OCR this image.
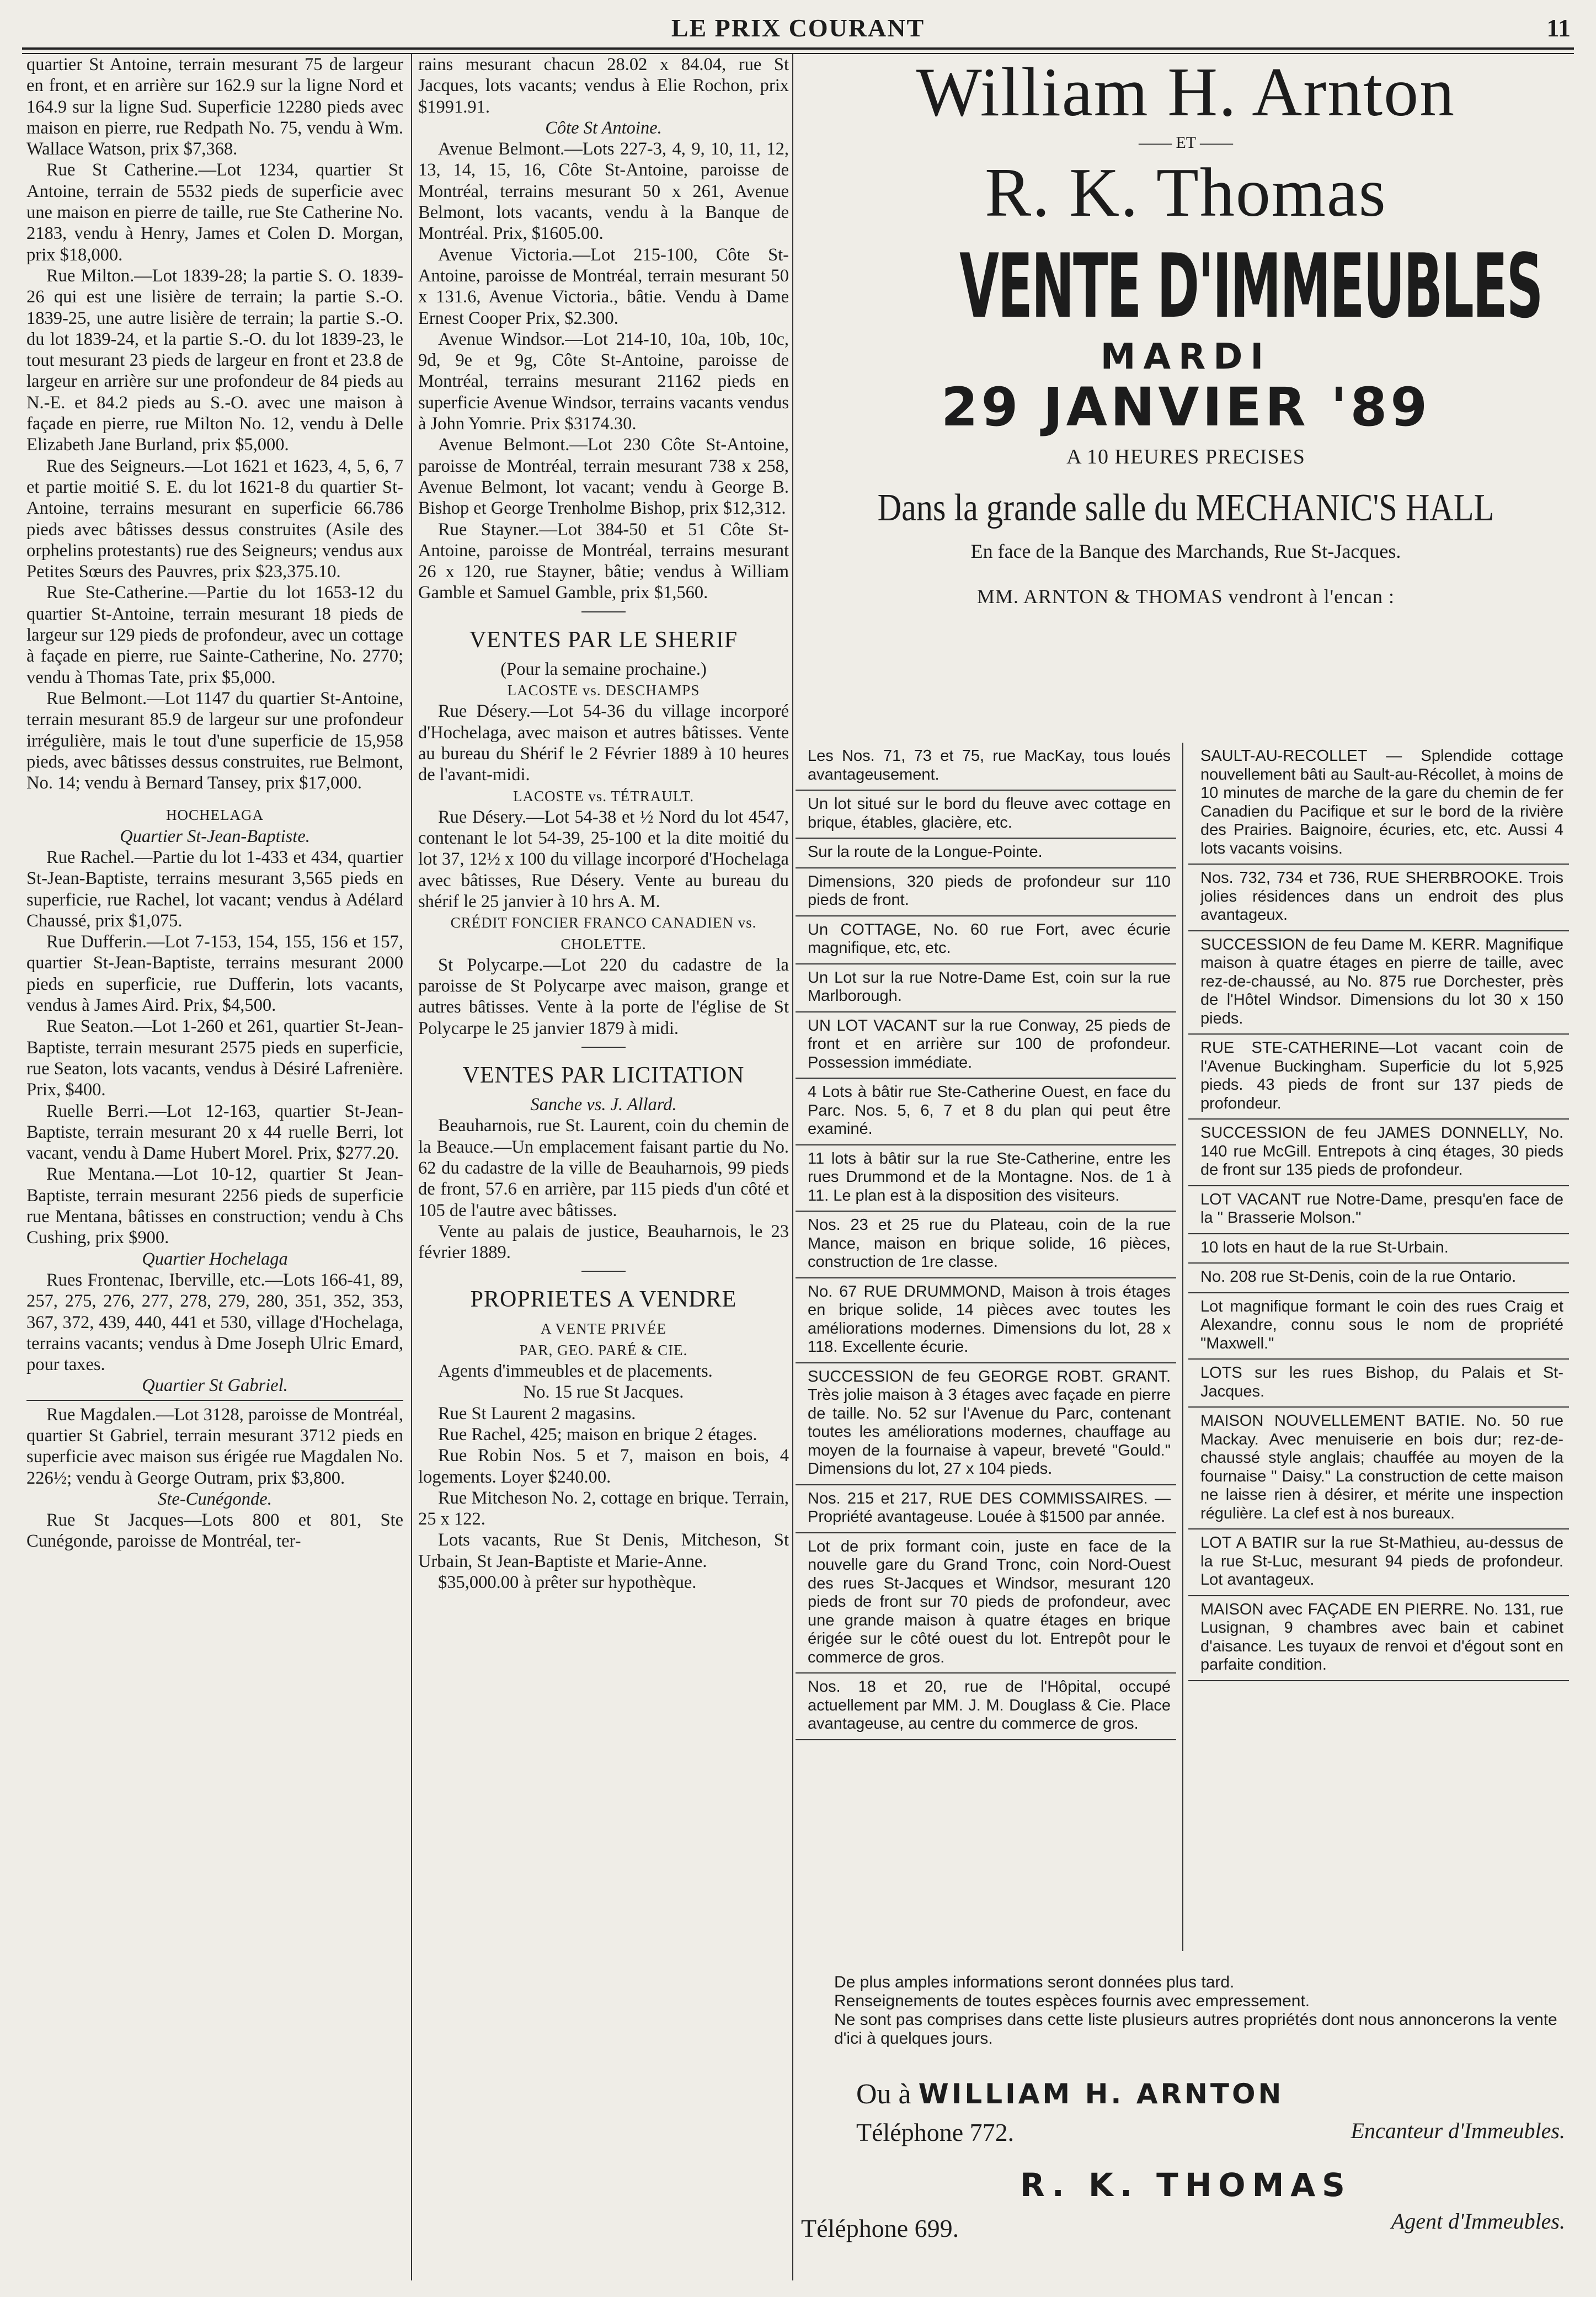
LE PRIX COURANT	11

quartier St Antoine, terrain mesurant 75 de largeur en front, et en arrière sur 162.9 sur la ligne Nord et 164.9 sur la ligne Sud. Superficie 12280 pieds avec maison en pierre, rue Redpath No. 75, vendu à Wm. Wallace Watson, prix $7,368.

Rue St Catherine.—Lot 1234, quartier St Antoine, terrain de 5532 pieds de superficie avec une maison en pierre de taille, rue Ste Catherine No. 2183, vendu à Henry, James et Colen D. Morgan, prix $18,000.

Rue Milton.—Lot 1839-28; la partie S. O. 1839-26 qui est une lisière de terrain; la partie S.-O. 1839-25, une autre lisière de terrain; la partie S.-O. du lot 1839-24, et la partie S.-O. du lot 1839-23, le tout mesurant 23 pieds de largeur en front et 23.8 de largeur en arrière sur une profondeur de 84 pieds au N.-E. et 84.2 pieds au S.-O. avec une maison à façade en pierre, rue Milton No. 12, vendu à Delle Elizabeth Jane Burland, prix $5,000.

Rue des Seigneurs.—Lot 1621 et 1623, 4, 5, 6, 7 et partie moitié S. E. du lot 1621-8 du quartier St-Antoine, terrains mesurant en superficie 66.786 pieds avec bâtisses dessus construites (Asile des orphelins protestants) rue des Seigneurs; vendus aux Petites Sœurs des Pauvres, prix $23,375.10.

Rue Ste-Catherine.—Partie du lot 1653-12 du quartier St-Antoine, terrain mesurant 18 pieds de largeur sur 129 pieds de profondeur, avec un cottage à façade en pierre, rue Sainte-Catherine, No. 2770; vendu à Thomas Tate, prix $5,000.

Rue Belmont.—Lot 1147 du quartier St-Antoine, terrain mesurant 85.9 de largeur sur une profondeur irrégulière, mais le tout d'une superficie de 15,958 pieds, avec bâtisses dessus construites, rue Belmont, No. 14; vendu à Bernard Tansey, prix $17,000.

HOCHELAGA

Quartier St-Jean-Baptiste.

Rue Rachel.—Partie du lot 1-433 et 434, quartier St-Jean-Baptiste, terrains mesurant 3,565 pieds en superficie, rue Rachel, lot vacant; vendus à Adélard Chaussé, prix $1,075.

Rue Dufferin.—Lot 7-153, 154, 155, 156 et 157, quartier St-Jean-Baptiste, terrains mesurant 2000 pieds en superficie, rue Dufferin, lots vacants, vendus à James Aird. Prix, $4,500.

Rue Seaton.—Lot 1-260 et 261, quartier St-Jean-Baptiste, terrain mesurant 2575 pieds en superficie, rue Seaton, lots vacants, vendus à Désiré Lafrenière. Prix, $400.

Ruelle Berri.—Lot 12-163, quartier St-Jean-Baptiste, terrain mesurant 20 x 44 ruelle Berri, lot vacant, vendu à Dame Hubert Morel. Prix, $277.20.

Rue Mentana.—Lot 10-12, quartier St Jean-Baptiste, terrain mesurant 2256 pieds de superficie rue Mentana, bâtisses en construction; vendu à Chs Cushing, prix $900.

Quartier Hochelaga

Rues Frontenac, Iberville, etc.—Lots 166-41, 89, 257, 275, 276, 277, 278, 279, 280, 351, 352, 353, 367, 372, 439, 440, 441 et 530, village d'Hochelaga, terrains vacants; vendus à Dme Joseph Ulric Emard, pour taxes.

Quartier St Gabriel.

Rue Magdalen.—Lot 3128, paroisse de Montréal, quartier St Gabriel, terrain mesurant 3712 pieds en superficie avec maison sus érigée rue Magdalen No. 226½; vendu à George Outram, prix $3,800.

Ste-Cunégonde.

Rue St Jacques—Lots 800 et 801, Ste Cunégonde, paroisse de Montréal, ter-

rains mesurant chacun 28.02 x 84.04, rue St Jacques, lots vacants; vendus à Elie Rochon, prix $1991.91.

Côte St Antoine.

Avenue Belmont.—Lots 227-3, 4, 9, 10, 11, 12, 13, 14, 15, 16, Côte St-Antoine, paroisse de Montréal, terrains mesurant 50 x 261, Avenue Belmont, lots vacants, vendu à la Banque de Montréal. Prix, $1605.00.

Avenue Victoria.—Lot 215-100, Côte St-Antoine, paroisse de Montréal, terrain mesurant 50 x 131.6, Avenue Victoria., bâtie. Vendu à Dame Ernest Cooper Prix, $2.300.

Avenue Windsor.—Lot 214-10, 10a, 10b, 10c, 9d, 9e et 9g, Côte St-Antoine, paroisse de Montréal, terrains mesurant 21162 pieds en superficie Avenue Windsor, terrains vacants vendus à John Yomrie. Prix $3174.30.

Avenue Belmont.—Lot 230 Côte St-Antoine, paroisse de Montréal, terrain mesurant 738 x 258, Avenue Belmont, lot vacant; vendu à George B. Bishop et George Trenholme Bishop, prix $12,312.

Rue Stayner.—Lot 384-50 et 51 Côte St-Antoine, paroisse de Montréal, terrains mesurant 26 x 120, rue Stayner, bâtie; vendus à William Gamble et Samuel Gamble, prix $1,560.

VENTES PAR LE SHERIF

(Pour la semaine prochaine.)

LACOSTE vs. DESCHAMPS

Rue Désery.—Lot 54-36 du village incorporé d'Hochelaga, avec maison et autres bâtisses. Vente au bureau du Shérif le 2 Février 1889 à 10 heures de l'avant-midi.

LACOSTE vs. TÉTRAULT.

Rue Désery.—Lot 54-38 et ½ Nord du lot 4547, contenant le lot 54-39, 25-100 et la dite moitié du lot 37, 12½ x 100 du village incorporé d'Hochelaga avec bâtisses, Rue Désery. Vente au bureau du shérif le 25 janvier à 10 hrs A. M.

CRÉDIT FONCIER FRANCO CANADIEN vs. CHOLETTE.

St Polycarpe.—Lot 220 du cadastre de la paroisse de St Polycarpe avec maison, grange et autres bâtisses. Vente à la porte de l'église de St Polycarpe le 25 janvier 1879 à midi.

VENTES PAR LICITATION

Sanche vs. J. Allard.

Beauharnois, rue St. Laurent, coin du chemin de la Beauce.—Un emplacement faisant partie du No. 62 du cadastre de la ville de Beauharnois, 99 pieds de front, 57.6 en arrière, par 115 pieds d'un côté et 105 de l'autre avec bâtisses.

Vente au palais de justice, Beauharnois, le 23 février 1889.

PROPRIETES A VENDRE

A VENTE PRIVÉE

PAR, GEO. PARÉ & CIE.

Agents d'immeubles et de placements.

No. 15 rue St Jacques.

Rue St Laurent 2 magasins.

Rue Rachel, 425; maison en brique 2 étages.

Rue Robin Nos. 5 et 7, maison en bois, 4 logements. Loyer $240.00.

Rue Mitcheson No. 2, cottage en brique. Terrain, 25 x 122.

Lots vacants, Rue St Denis, Mitcheson, St Urbain, St Jean-Baptiste et Marie-Anne.

$35,000.00 à prêter sur hypothèque.

William H. Arnton
—— ET ——
R. K. Thomas
VENTE D'IMMEUBLES
MARDI
29 JANVIER '89
A 10 HEURES PRECISES
Dans la grande salle du MECHANIC'S HALL
En face de la Banque des Marchands, Rue St-Jacques.
MM. ARNTON & THOMAS vendront à l'encan :

Les Nos. 71, 73 et 75, rue MacKay, tous loués avantageusement.

Un lot situé sur le bord du fleuve avec cottage en brique, étables, glacière, etc.

Sur la route de la Longue-Pointe.

Dimensions, 320 pieds de profondeur sur 110 pieds de front.

Un COTTAGE, No. 60 rue Fort, avec écurie magnifique, etc, etc.

Un Lot sur la rue Notre-Dame Est, coin sur la rue Marlborough.

UN LOT VACANT sur la rue Conway, 25 pieds de front et en arrière sur 100 de profondeur. Possession immédiate.

4 Lots à bâtir rue Ste-Catherine Ouest, en face du Parc. Nos. 5, 6, 7 et 8 du plan qui peut être examiné.

11 lots à bâtir sur la rue Ste-Catherine, entre les rues Drummond et de la Montagne. Nos. de 1 à 11. Le plan est à la disposition des visiteurs.

Nos. 23 et 25 rue du Plateau, coin de la rue Mance, maison en brique solide, 16 pièces, construction de 1re classe.

No. 67 RUE DRUMMOND, Maison à trois étages en brique solide, 14 pièces avec toutes les améliorations modernes. Dimensions du lot, 28 x 118. Excellente écurie.

SUCCESSION de feu GEORGE ROBT. GRANT. Très jolie maison à 3 étages avec façade en pierre de taille. No. 52 sur l'Avenue du Parc, contenant toutes les améliorations modernes, chauffage au moyen de la fournaise à vapeur, breveté "Gould." Dimensions du lot, 27 x 104 pieds.

Nos. 215 et 217, RUE DES COMMISSAIRES. — Propriété avantageuse. Louée à $1500 par année.

Lot de prix formant coin, juste en face de la nouvelle gare du Grand Tronc, coin Nord-Ouest des rues St-Jacques et Windsor, mesurant 120 pieds de front sur 70 pieds de profondeur, avec une grande maison à quatre étages en brique érigée sur le côté ouest du lot. Entrepôt pour le commerce de gros.

Nos. 18 et 20, rue de l'Hôpital, occupé actuellement par MM. J. M. Douglass & Cie. Place avantageuse, au centre du commerce de gros.

SAULT-AU-RECOLLET — Splendide cottage nouvellement bâti au Sault-au-Récollet, à moins de 10 minutes de marche de la gare du chemin de fer Canadien du Pacifique et sur le bord de la rivière des Prairies. Baignoire, écuries, etc, etc. Aussi 4 lots vacants voisins.

Nos. 732, 734 et 736, RUE SHERBROOKE. Trois jolies résidences dans un endroit des plus avantageux.

SUCCESSION de feu Dame M. KERR. Magnifique maison à quatre étages en pierre de taille, avec rez-de-chaussé, au No. 875 rue Dorchester, près de l'Hôtel Windsor. Dimensions du lot 30 x 150 pieds.

RUE STE-CATHERINE—Lot vacant coin de l'Avenue Buckingham. Superficie du lot 5,925 pieds. 43 pieds de front sur 137 pieds de profondeur.

SUCCESSION de feu JAMES DONNELLY, No. 140 rue McGill. Entrepots à cinq étages, 30 pieds de front sur 135 pieds de profondeur.

LOT VACANT rue Notre-Dame, presqu'en face de la " Brasserie Molson."

10 lots en haut de la rue St-Urbain.

No. 208 rue St-Denis, coin de la rue Ontario.

Lot magnifique formant le coin des rues Craig et Alexandre, connu sous le nom de propriété "Maxwell."

LOTS sur les rues Bishop, du Palais et St-Jacques.

MAISON NOUVELLEMENT BATIE. No. 50 rue Mackay. Avec menuiserie en bois dur; rez-de-chaussé style anglais; chauffée au moyen de la fournaise " Daisy." La construction de cette maison ne laisse rien à désirer, et mérite une inspection régulière. La clef est à nos bureaux.

LOT A BATIR sur la rue St-Mathieu, au-dessus de la rue St-Luc, mesurant 94 pieds de profondeur. Lot avantageux.

MAISON avec FAÇADE EN PIERRE. No. 131, rue Lusignan, 9 chambres avec bain et cabinet d'aisance. Les tuyaux de renvoi et d'égout sont en parfaite condition.

De plus amples informations seront données plus tard.
Renseignements de toutes espèces fournis avec empressement.
Ne sont pas comprises dans cette liste plusieurs autres propriétés dont nous annoncerons la vente d'ici à quelques jours.
Ou à WILLIAM H. ARNTON
Téléphone 772.	Encanteur d'Immeubles.
R. K. THOMAS
Téléphone 699.	Agent d'Immeubles.
